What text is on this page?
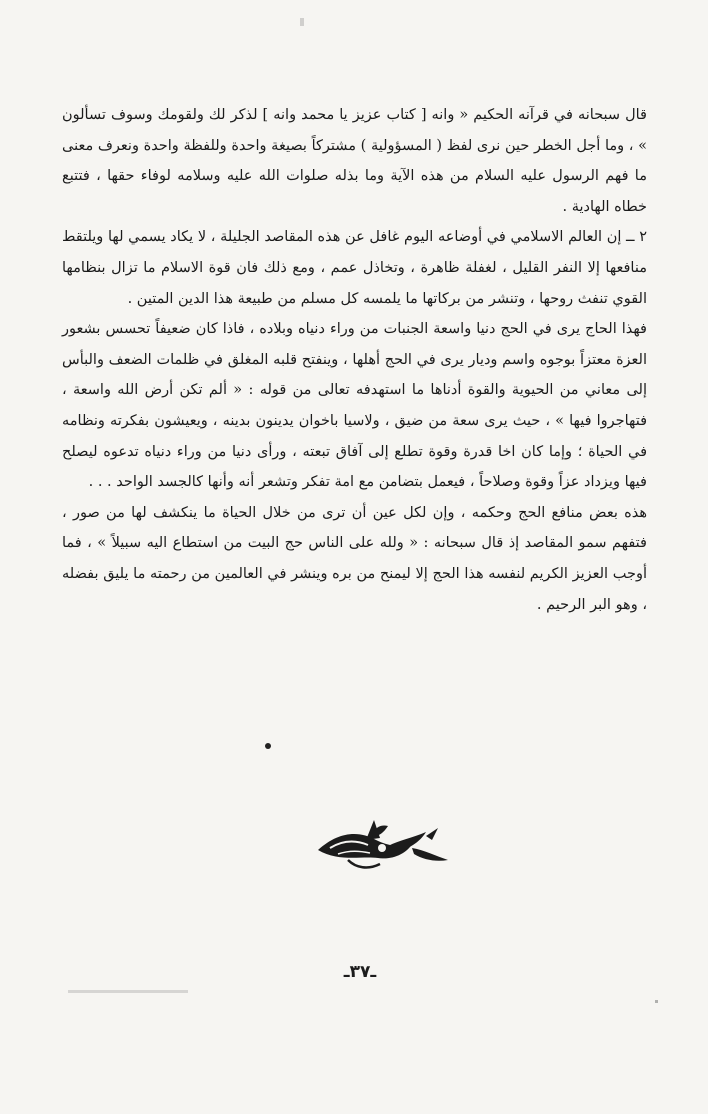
قال سبحانه في قرآنه الحكيم « وانه [ كتاب عزيز يا محمد وانه ] لذكر لك ولقومك وسوف تسألون » ، وما أجل الخطر حين نرى لفظ ( المسؤولية ) مشتركاً بصيغة واحدة وللفظة واحدة ونعرف معنى ما فهم الرسول عليه السلام من هذه الآية وما بذله صلوات الله عليه وسلامه لوفاء حقها ، فتتبع خطاه الهادية .

٢ ــ إن العالم الاسلامي في أوضاعه اليوم غافل عن هذه المقاصد الجليلة ، لا يكاد يسمي لها ويلتقط منافعها إلا النفر القليل ، لغفلة ظاهرة ، وتخاذل عمم ، ومع ذلك فان قوة الاسلام ما تزال بنظامها القوي تنفث روحها ، وتنشر من بركاتها ما يلمسه كل مسلم من طبيعة هذا الدين المتين .

فهذا الحاج يرى في الحج دنيا واسعة الجنبات من وراء دنياه وبلاده ، فاذا كان ضعيفاً تحسس بشعور العزة معتزاً بوجوه واسم وديار يرى في الحج أهلها ، وينفتح قلبه المغلق في ظلمات الضعف والبأس إلى معاني من الحيوية والقوة أدناها ما استهدفه تعالى من قوله : « ألم تكن أرض الله واسعة ، فتهاجروا فيها » ، حيث يرى سعة من ضيق ، ولاسيا باخوان يدينون بدينه ، ويعيشون بفكرته ونظامه في الحياة ؛ وإما كان اخا قدرة وقوة تطلع إلى آفاق تبعته ، ورأى دنيا من وراء دنياه تدعوه ليصلح فيها ويزداد عزاً وقوة وصلاحاً ، فيعمل بتضامن مع امة تفكر وتشعر أنه وأنها كالجسد الواحد . . .

هذه بعض منافع الحج وحكمه ، وإن لكل عين أن ترى من خلال الحياة ما ينكشف لها من صور ، فتفهم سمو المقاصد إذ قال سبحانه : « ولله على الناس حج البيت من استطاع اليه سبيلاً » ، فما أوجب العزيز الكريم لنفسه هذا الحج إلا ليمنح من بره وينشر في العالمين من رحمته ما يليق بفضله ، وهو البر الرحيم .

ـ٣٧ـ
